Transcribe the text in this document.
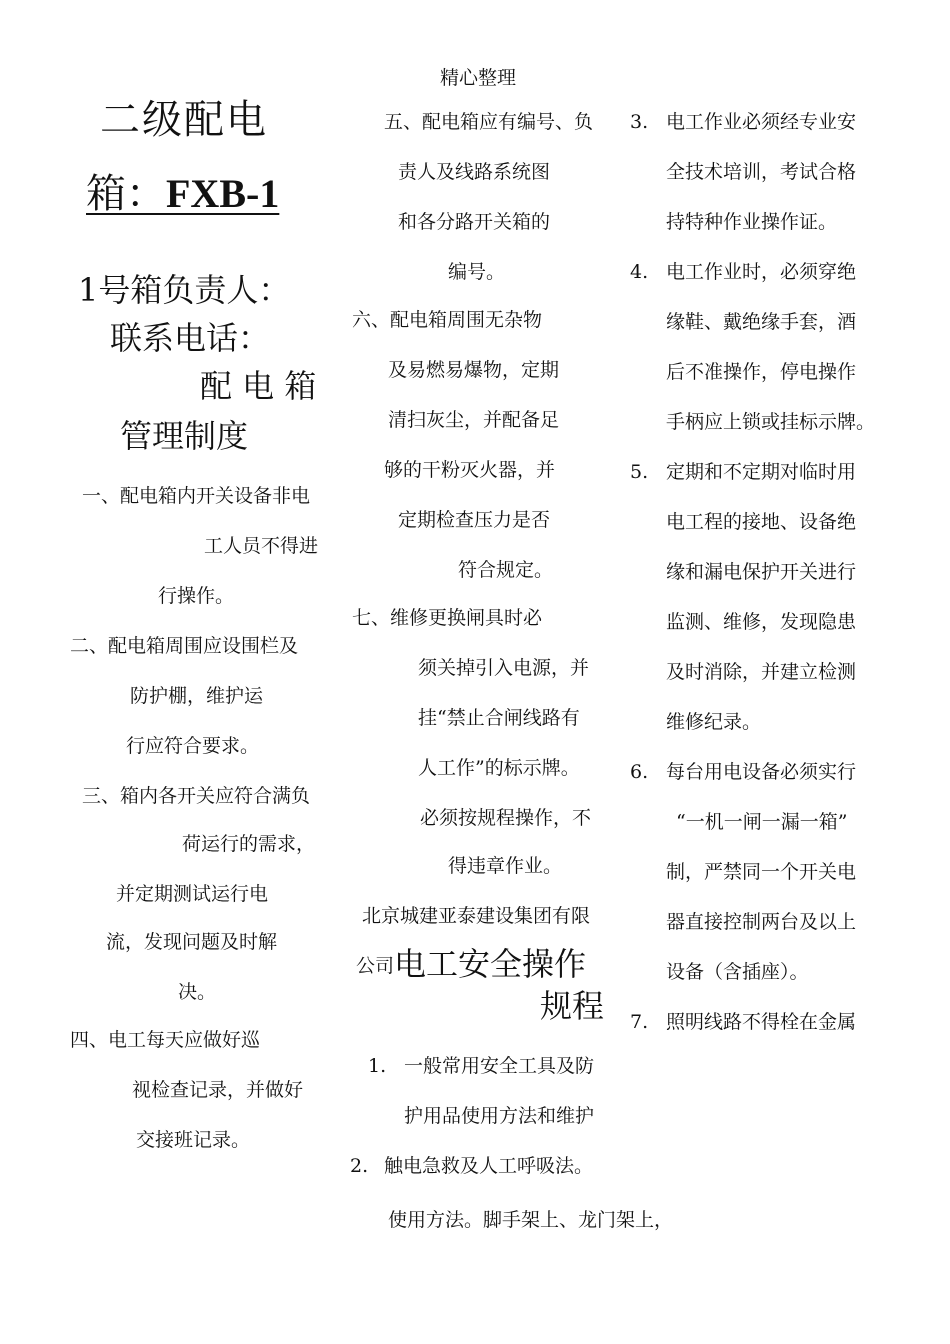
精心整理
二级配电
箱：FXB-1
1号箱负责人：
联系电话：
配 电 箱
管理制度
一、配电箱内开关设备非电
工人员不得进
行操作。
二、配电箱周围应设围栏及
防护棚，维护运
行应符合要求。
三、箱内各开关应符合满负
荷运行的需求，
并定期测试运行电
流，发现问题及时解
决。
四、电工每天应做好巡
视检查记录，并做好
交接班记录。
五、配电箱应有编号、负
责人及线路系统图
和各分路开关箱的
编号。
六、配电箱周围无杂物
及易燃易爆物，定期
清扫灰尘，并配备足
够的干粉灭火器，并
定期检查压力是否
符合规定。
七、维修更换闸具时必
须关掉引入电源，并
挂“禁止合闸线路有
人工作”的标示牌。
必须按规程操作，不
得违章作业。
北京城建亚泰建设集团有限
公司电工安全操作
规程
1. 一般常用安全工具及防
护用品使用方法和维护
2. 触电急救及人工呼吸法。
使用方法。脚手架上、龙门架上，
3. 电工作业必须经专业安
全技术培训，考试合格
持特种作业操作证。
4. 电工作业时，必须穿绝
缘鞋、戴绝缘手套，酒
后不准操作，停电操作
手柄应上锁或挂标示牌。
5. 定期和不定期对临时用
电工程的接地、设备绝
缘和漏电保护开关进行
监测、维修，发现隐患
及时消除，并建立检测
维修纪录。
6. 每台用电设备必须实行
“一机一闸一漏一箱”
制，严禁同一个开关电
器直接控制两台及以上
设备（含插座）。
7. 照明线路不得栓在金属
